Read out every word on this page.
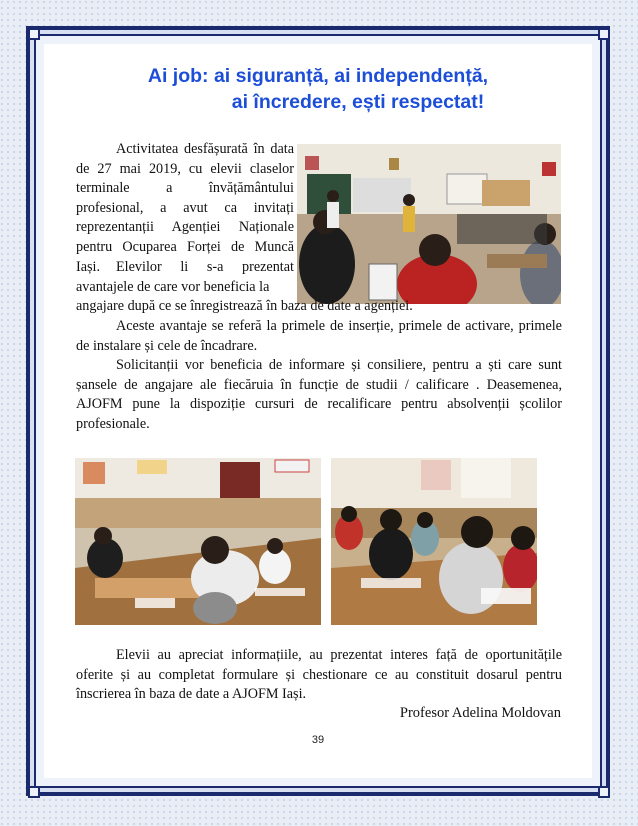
Ai job: ai siguranță, ai independență,
ai încredere, ești respectat!
Activitatea desfășurată în data de 27 mai 2019, cu elevii claselor terminale a învățământului profesional, a avut ca invitați reprezentanții Agenției Naționale pentru Ocuparea Forței de Muncă Iași.	Elevilor li s-a prezentat avantajele de care vor beneficia la
angajare după ce se înregistrează în baza de date a agenției.
Aceste avantaje se referă la primele de inserție, primele de activare, primele de instalare și cele de încadrare.
Solicitanții vor beneficia de informare și consiliere, pentru a ști care sunt șansele de angajare ale fiecăruia în funcție de studii / calificare . Deasemenea, AJOFM pune la dispoziție cursuri de recalificare pentru absolvenții școlilor profesionale.
Elevii au apreciat informațiile, au prezentat interes față de oportunitățile oferite și au completat formulare și chestionare ce au constituit dosarul pentru înscrierea în baza de date a AJOFM Iași.
Profesor Adelina Moldovan
39
